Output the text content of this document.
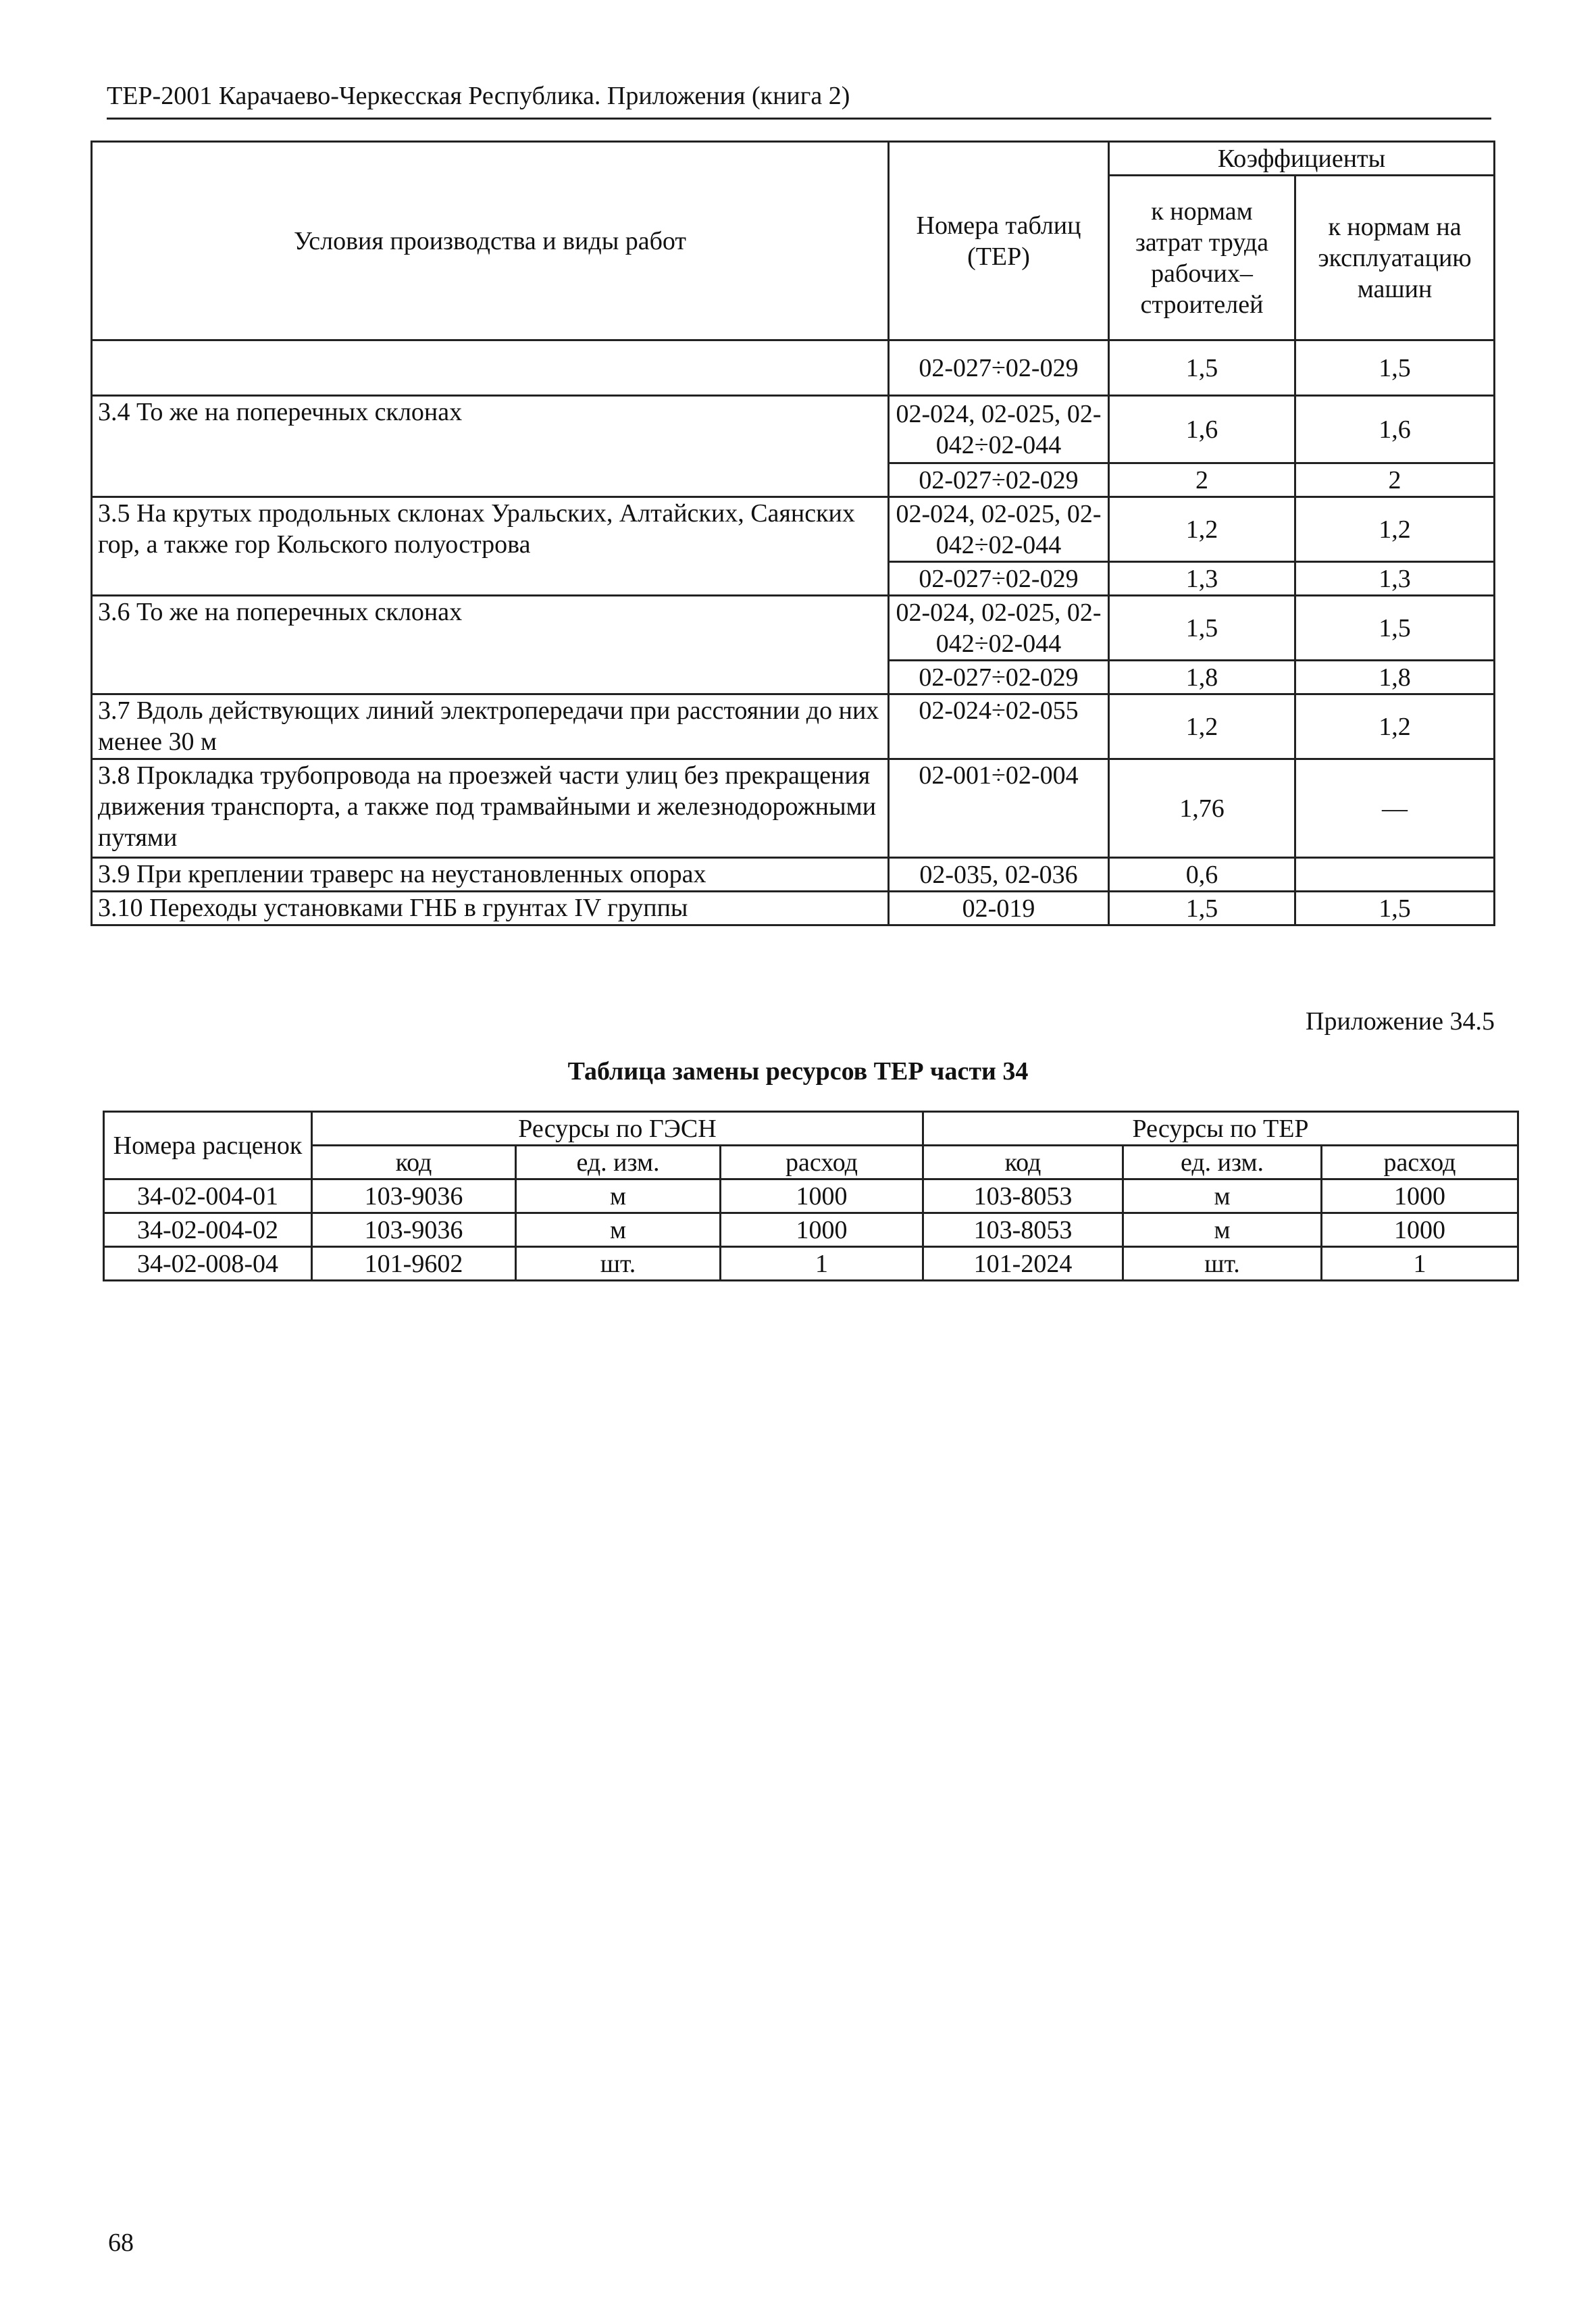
ТЕР-2001 Карачаево-Черкесская Республика. Приложения (книга 2)
Условия производства и виды работ	Номера таблиц (ТЕР)	Коэффициенты	
		к нормам затрат труда рабочих–строителей	к нормам на эксплуатацию машин
	02-027÷02-029	1,5	1,5
3.4 То же на поперечных склонах	02-024, 02-025, 02-042÷02-044	1,6	1,6
	02-027÷02-029	2	2
3.5 На крутых продольных склонах Уральских, Алтайских, Саянских гор, а также гор Кольского полуострова	02-024, 02-025, 02-042÷02-044	1,2	1,2
	02-027÷02-029	1,3	1,3
3.6 То же на поперечных склонах	02-024, 02-025, 02-042÷02-044	1,5	1,5
	02-027÷02-029	1,8	1,8
3.7 Вдоль действующих линий электропередачи при расстоянии до них менее 30 м	02-024÷02-055	1,2	1,2
3.8 Прокладка трубопровода на проезжей части улиц без прекращения движения транспорта, а также под трамвайными и железнодорожными путями	02-001÷02-004	1,76	—
3.9 При креплении траверс на неустановленных опорах	02-035, 02-036	0,6	
3.10 Переходы установками ГНБ в грунтах IV группы	02-019	1,5	1,5
Приложение 34.5
Таблица замены ресурсов ТЕР части 34
Номера расценок	Ресурсы по ГЭСН			Ресурсы по ТЕР		
	код	ед. изм.	расход	код	ед. изм.	расход
34-02-004-01	103-9036	м	1000	103-8053	м	1000
34-02-004-02	103-9036	м	1000	103-8053	м	1000
34-02-008-04	101-9602	шт.	1	101-2024	шт.	1
68
